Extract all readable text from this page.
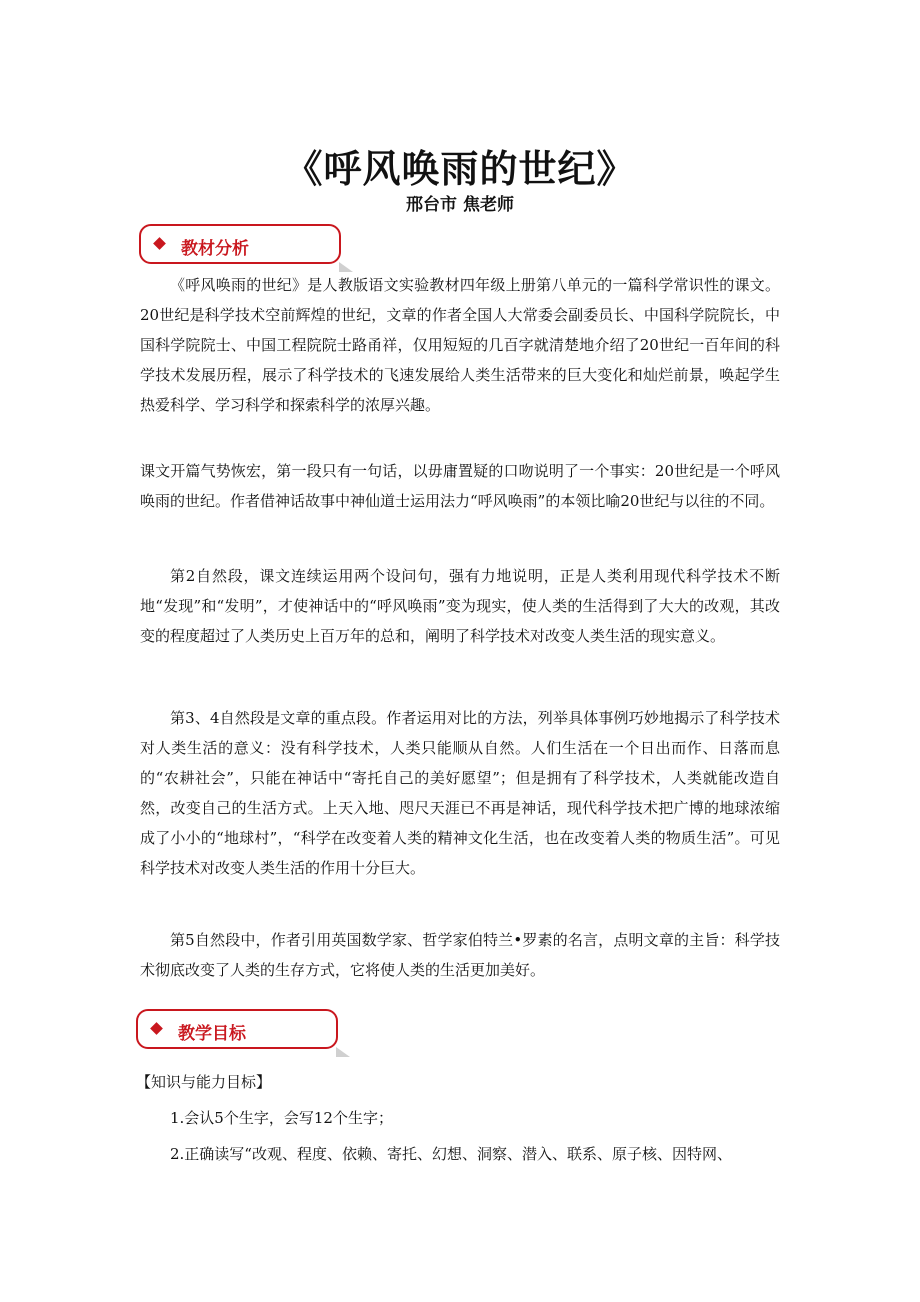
《呼风唤雨的世纪》
邢台市 焦老师
教材分析

《呼风唤雨的世纪》是人教版语文实验教材四年级上册第八单元的一篇科学常识性的课文。20世纪是科学技术空前辉煌的世纪，文章的作者全国人大常委会副委员长、中国科学院院长，中国科学院院士、中国工程院院士路甬祥，仅用短短的几百字就清楚地介绍了20世纪一百年间的科学技术发展历程，展示了科学技术的飞速发展给人类生活带来的巨大变化和灿烂前景，唤起学生热爱科学、学习科学和探索科学的浓厚兴趣。

课文开篇气势恢宏，第一段只有一句话，以毋庸置疑的口吻说明了一个事实：20世纪是一个呼风唤雨的世纪。作者借神话故事中神仙道士运用法力“呼风唤雨”的本领比喻20世纪与以往的不同。

第2自然段，课文连续运用两个设问句，强有力地说明，正是人类利用现代科学技术不断地“发现”和“发明”，才使神话中的“呼风唤雨”变为现实，使人类的生活得到了大大的改观，其改变的程度超过了人类历史上百万年的总和，阐明了科学技术对改变人类生活的现实意义。

第3、4自然段是文章的重点段。作者运用对比的方法，列举具体事例巧妙地揭示了科学技术对人类生活的意义：没有科学技术，人类只能顺从自然。人们生活在一个日出而作、日落而息的“农耕社会”，只能在神话中“寄托自己的美好愿望”；但是拥有了科学技术，人类就能改造自然，改变自己的生活方式。上天入地、咫尺天涯已不再是神话，现代科学技术把广博的地球浓缩成了小小的“地球村”，“科学在改变着人类的精神文化生活，也在改变着人类的物质生活”。可见科学技术对改变人类生活的作用十分巨大。

第5自然段中，作者引用英国数学家、哲学家伯特兰•罗素的名言，点明文章的主旨：科学技术彻底改变了人类的生存方式，它将使人类的生活更加美好。

教学目标

【知识与能力目标】

1.会认5个生字，会写12个生字；

2.正确读写“改观、程度、依赖、寄托、幻想、洞察、潜入、联系、原子核、因特网、
